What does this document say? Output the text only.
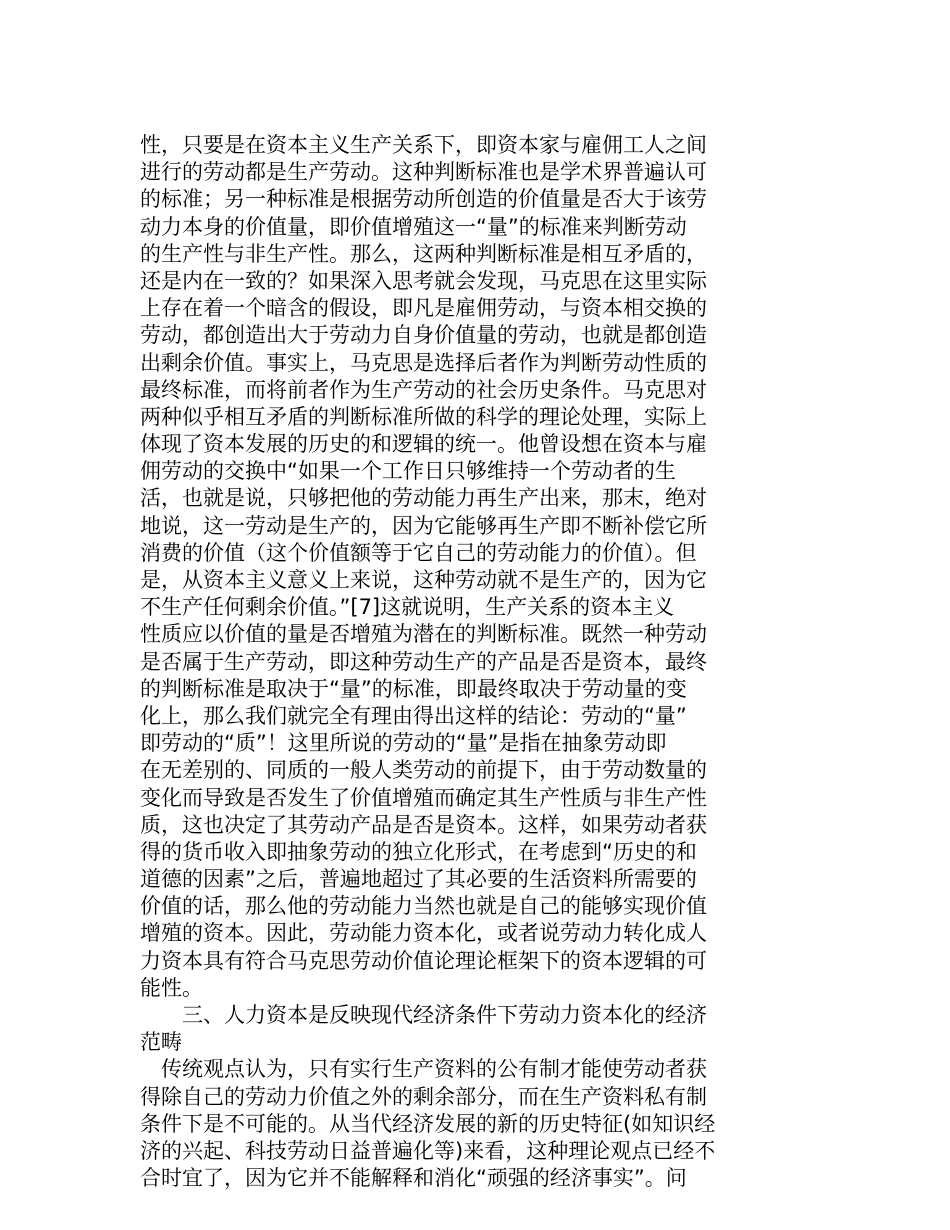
性，只要是在资本主义生产关系下，即资本家与雇佣工人之间
进行的劳动都是生产劳动。这种判断标准也是学术界普遍认可
的标准；另一种标准是根据劳动所创造的价值量是否大于该劳
动力本身的价值量，即价值增殖这一“量”的标准来判断劳动
的生产性与非生产性。那么，这两种判断标准是相互矛盾的，
还是内在一致的？如果深入思考就会发现，马克思在这里实际
上存在着一个暗含的假设，即凡是雇佣劳动，与资本相交换的
劳动，都创造出大于劳动力自身价值量的劳动，也就是都创造
出剩余价值。事实上，马克思是选择后者作为判断劳动性质的
最终标准，而将前者作为生产劳动的社会历史条件。马克思对
两种似乎相互矛盾的判断标准所做的科学的理论处理，实际上
体现了资本发展的历史的和逻辑的统一。他曾设想在资本与雇
佣劳动的交换中“如果一个工作日只够维持一个劳动者的生
活，也就是说，只够把他的劳动能力再生产出来，那末，绝对
地说，这一劳动是生产的，因为它能够再生产即不断补偿它所
消费的价值（这个价值额等于它自己的劳动能力的价值）。但
是，从资本主义意义上来说，这种劳动就不是生产的，因为它
不生产任何剩余价值。”[7]这就说明，生产关系的资本主义
性质应以价值的量是否增殖为潜在的判断标准。既然一种劳动
是否属于生产劳动，即这种劳动生产的产品是否是资本，最终
的判断标准是取决于“量”的标准，即最终取决于劳动量的变
化上，那么我们就完全有理由得出这样的结论：劳动的“量”
即劳动的“质”！这里所说的劳动的“量”是指在抽象劳动即
在无差别的、同质的一般人类劳动的前提下，由于劳动数量的
变化而导致是否发生了价值增殖而确定其生产性质与非生产性
质，这也决定了其劳动产品是否是资本。这样，如果劳动者获
得的货币收入即抽象劳动的独立化形式，在考虑到“历史的和
道德的因素”之后，普遍地超过了其必要的生活资料所需要的
价值的话，那么他的劳动能力当然也就是自己的能够实现价值
增殖的资本。因此，劳动能力资本化，或者说劳动力转化成人
力资本具有符合马克思劳动价值论理论框架下的资本逻辑的可
能性。
　　三、人力资本是反映现代经济条件下劳动力资本化的经济
范畴
　传统观点认为，只有实行生产资料的公有制才能使劳动者获
得除自己的劳动力价值之外的剩余部分，而在生产资料私有制
条件下是不可能的。从当代经济发展的新的历史特征(如知识经
济的兴起、科技劳动日益普遍化等)来看，这种理论观点已经不
合时宜了，因为它并不能解释和消化“顽强的经济事实”。问
